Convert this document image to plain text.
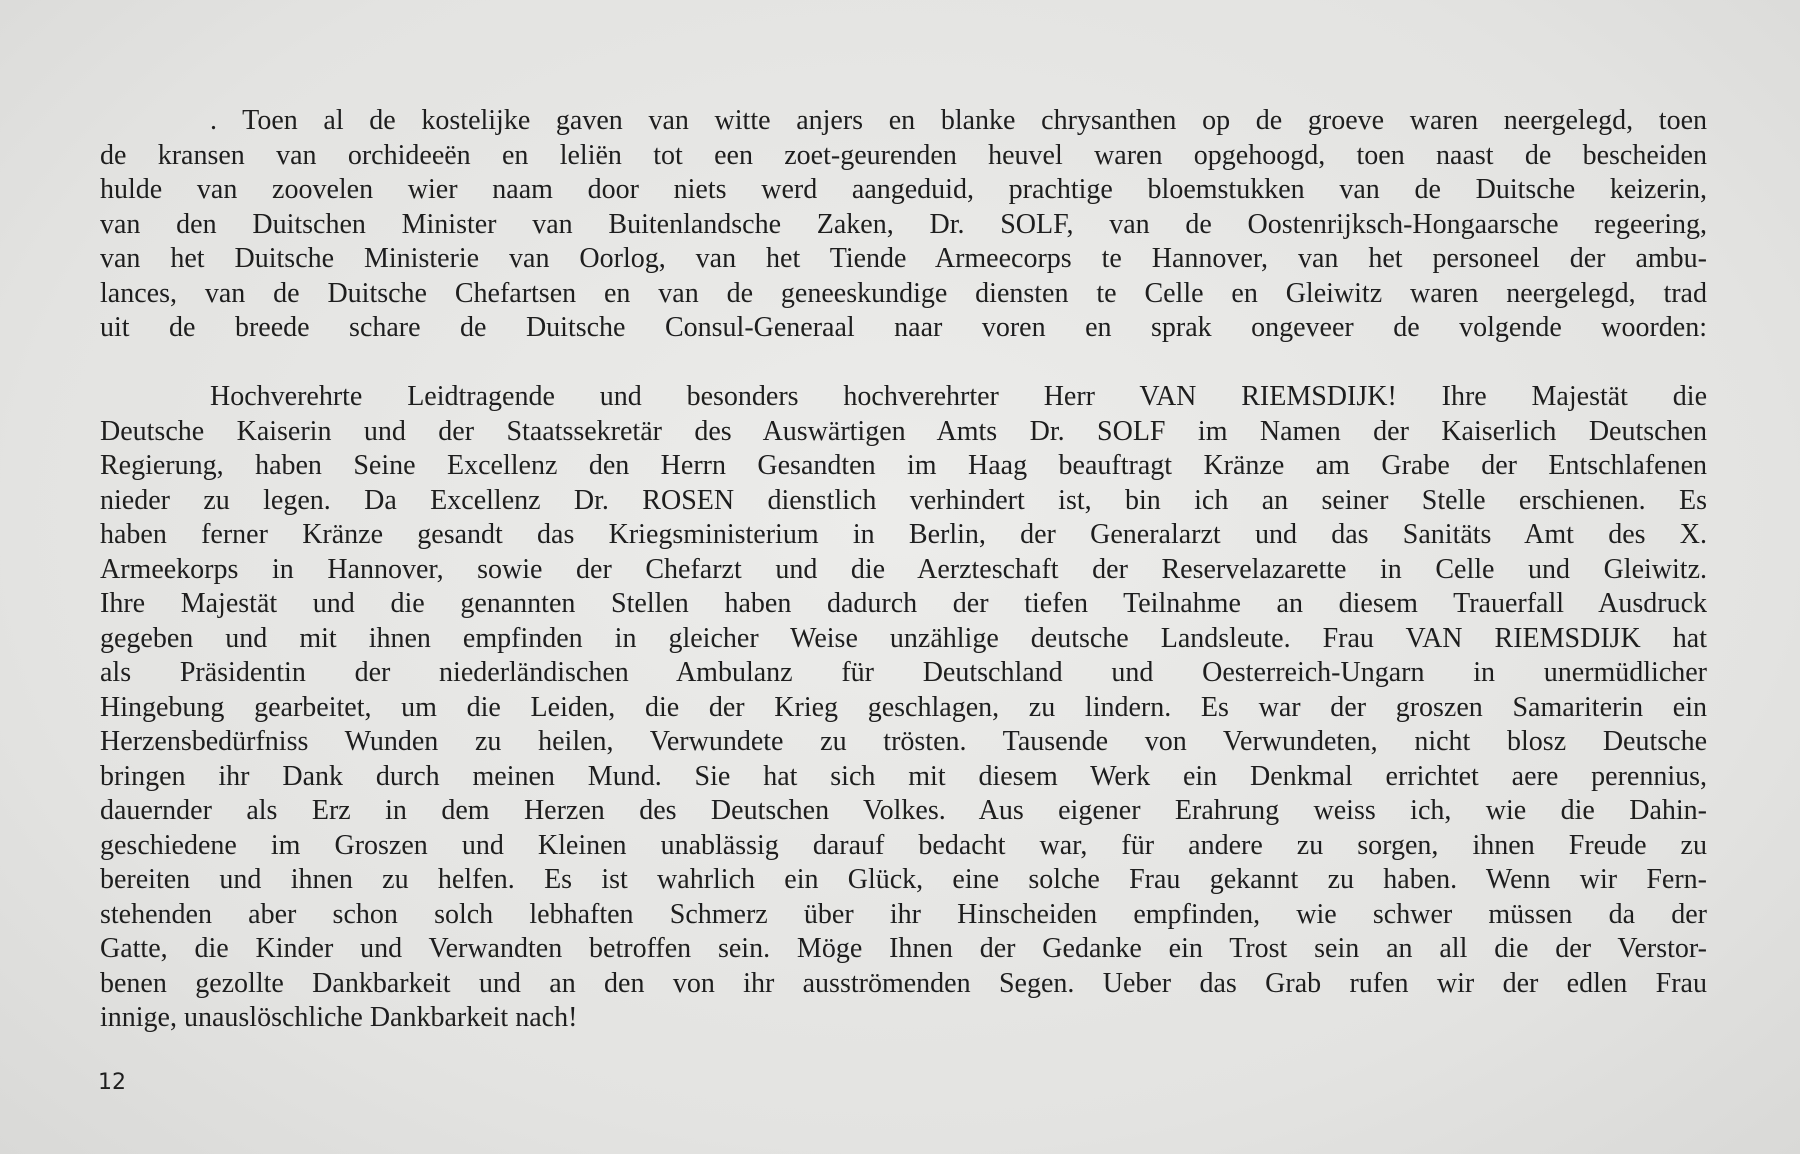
. Toen al de kostelijke gaven van witte anjers en blanke chrysanthen op de groeve waren neergelegd, toen
de kransen van orchideeën en leliën tot een zoet-geurenden heuvel waren opgehoogd, toen naast de bescheiden
hulde van zoovelen wier naam door niets werd aangeduid, prachtige bloemstukken van de Duitsche keizerin,
van den Duitschen Minister van Buitenlandsche Zaken, Dr. SOLF, van de Oostenrijksch-Hongaarsche regeering,
van het Duitsche Ministerie van Oorlog, van het Tiende Armeecorps te Hannover, van het personeel der ambu-
lances, van de Duitsche Chefartsen en van de geneeskundige diensten te Celle en Gleiwitz waren neergelegd, trad
uit de breede schare de Duitsche Consul-Generaal naar voren en sprak ongeveer de volgende woorden:
Hochverehrte Leidtragende und besonders hochverehrter Herr VAN RIEMSDIJK! Ihre Majestät die
Deutsche Kaiserin und der Staatssekretär des Auswärtigen Amts Dr. SOLF im Namen der Kaiserlich Deutschen
Regierung, haben Seine Excellenz den Herrn Gesandten im Haag beauftragt Kränze am Grabe der Entschlafenen
nieder zu legen. Da Excellenz Dr. ROSEN dienstlich verhindert ist, bin ich an seiner Stelle erschienen. Es
haben ferner Kränze gesandt das Kriegsministerium in Berlin, der Generalarzt und das Sanitäts Amt des X.
Armeekorps in Hannover, sowie der Chefarzt und die Aerzteschaft der Reservelazarette in Celle und Gleiwitz.
Ihre Majestät und die genannten Stellen haben dadurch der tiefen Teilnahme an diesem Trauerfall Ausdruck
gegeben und mit ihnen empfinden in gleicher Weise unzählige deutsche Landsleute. Frau VAN RIEMSDIJK hat
als Präsidentin der niederländischen Ambulanz für Deutschland und Oesterreich-Ungarn in unermüdlicher
Hingebung gearbeitet, um die Leiden, die der Krieg geschlagen, zu lindern. Es war der groszen Samariterin ein
Herzensbedürfniss Wunden zu heilen, Verwundete zu trösten. Tausende von Verwundeten, nicht blosz Deutsche
bringen ihr Dank durch meinen Mund. Sie hat sich mit diesem Werk ein Denkmal errichtet aere perennius,
dauernder als Erz in dem Herzen des Deutschen Volkes. Aus eigener Erahrung weiss ich, wie die Dahin-
geschiedene im Groszen und Kleinen unablässig darauf bedacht war, für andere zu sorgen, ihnen Freude zu
bereiten und ihnen zu helfen. Es ist wahrlich ein Glück, eine solche Frau gekannt zu haben. Wenn wir Fern-
stehenden aber schon solch lebhaften Schmerz über ihr Hinscheiden empfinden, wie schwer müssen da der
Gatte, die Kinder und Verwandten betroffen sein. Möge Ihnen der Gedanke ein Trost sein an all die der Verstor-
benen gezollte Dankbarkeit und an den von ihr ausströmenden Segen. Ueber das Grab rufen wir der edlen Frau
innige, unauslöschliche Dankbarkeit nach!
12
